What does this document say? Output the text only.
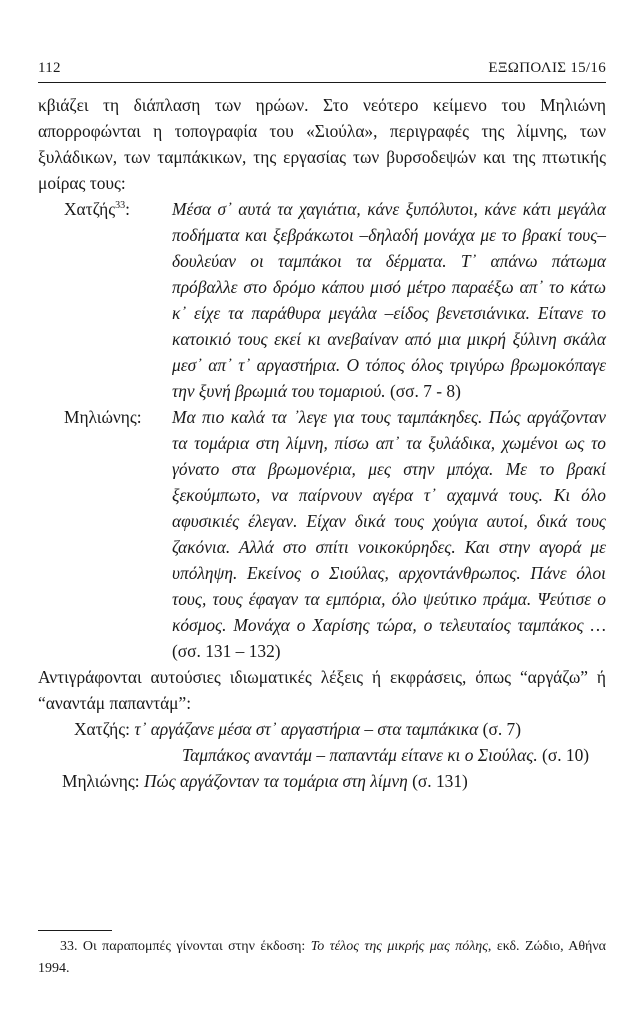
112	ΕΞΩΠΟΛΙΣ 15/16

κβιάζει τη διάπλαση των ηρώων. Στο νεότερο κείμενο του Μηλιώνη απορροφώνται η τοπογραφία του «Σιούλα», περιγραφές της λίμνης, των ξυλάδικων, των ταμπάκικων, της εργασίας των βυρσοδεψών και της πτωτικής μοίρας τους:

Χατζής$^{33}$:	Μέσα σ᾽ αυτά τα χαγιάτια, κάνε ξυπόλυτοι, κάνε κάτι μεγάλα ποδήματα και ξεβράκωτοι –δηλαδή μονάχα με το βρακί τους– δουλεύαν οι ταμπάκοι τα δέρματα. Τ᾽ απάνω πάτωμα πρόβαλλε στο δρόμο κάπου μισό μέτρο παραέξω απ᾽ το κάτω κ᾽ είχε τα παράθυρα μεγάλα –είδος βενετσιάνικα. Είτανε το κατοικιό τους εκεί κι ανεβαίναν από μια μικρή ξύλινη σκάλα μεσ᾽ απ᾽ τ᾽ αργαστήρια. Ο τόπος όλος τριγύρω βρωμοκόπαγε την ξυνή βρωμιά του τομαριού. (σσ. 7 - 8)
Μηλιώνης:	Μα πιο καλά τα ᾽λεγε για τους ταμπάκηδες. Πώς αργάζονταν τα τομάρια στη λίμνη, πίσω απ᾽ τα ξυλάδικα, χωμένοι ως το γόνατο στα βρωμονέρια, μες στην μπόχα. Με το βρακί ξεκούμπωτο, να παίρνουν αγέρα τ᾽ αχαμνά τους. Κι όλο αφυσικιές έλεγαν. Είχαν δικά τους χούγια αυτοί, δικά τους ζακόνια. Αλλά στο σπίτι νοικοκύρηδες. Και στην αγορά με υπόληψη. Εκείνος ο Σιούλας, αρχοντάνθρωπος. Πάνε όλοι τους, τους έφαγαν τα εμπόρια, όλο ψεύτικο πράμα. Ψεύτισε ο κόσμος. Μονάχα ο Χαρίσης τώρα, ο τελευταίος ταμπάκος … (σσ. 131 – 132)

Αντιγράφονται αυτούσιες ιδιωματικές λέξεις ή εκφράσεις, όπως “αργάζω” ή “αναντάμ παπαντάμ”:

Χατζής: τ᾽ αργάζανε μέσα στ᾽ αργαστήρια – στα ταμπάκικα (σ. 7)

Ταμπάκος αναντάμ – παπαντάμ είτανε κι ο Σιούλας. (σ. 10)

Μηλιώνης: Πώς αργάζονταν τα τομάρια στη λίμνη (σ. 131)
33. Οι παραπομπές γίνονται στην έκδοση: Το τέλος της μικρής μας πόλης, εκδ. Ζώδιο, Αθήνα 1994.
